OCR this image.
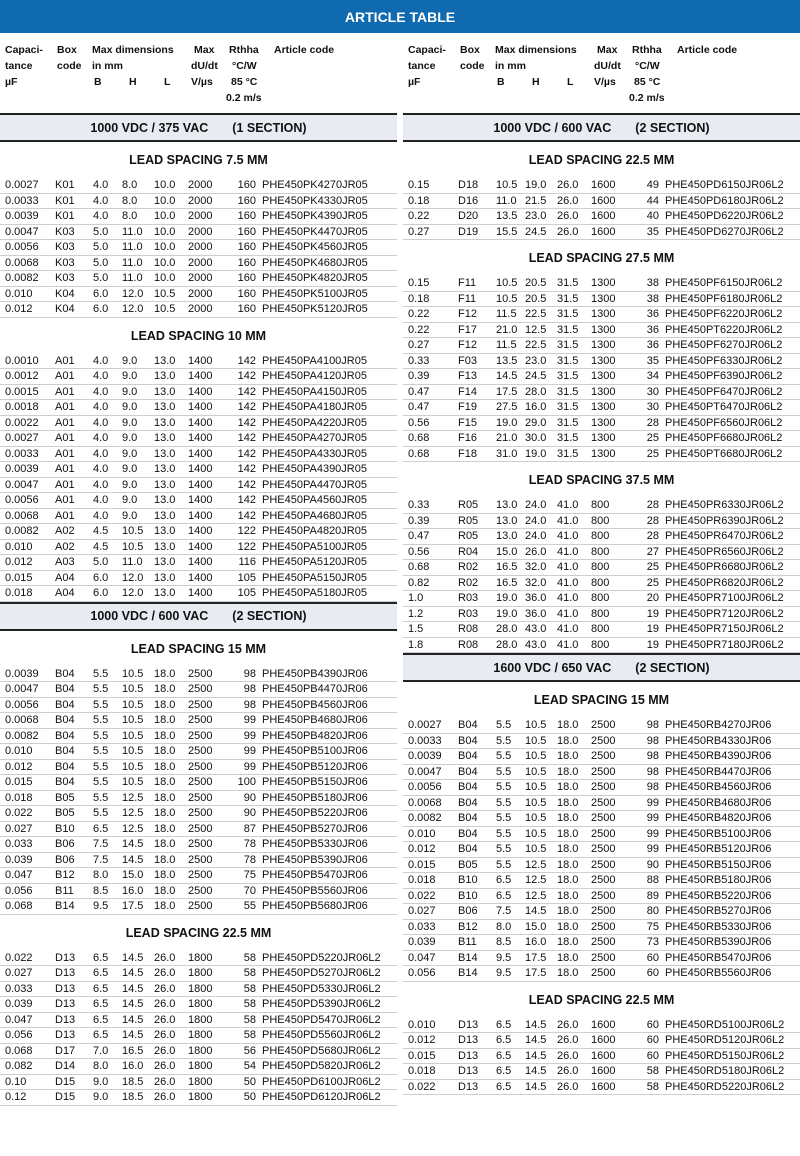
ARTICLE TABLE
Capaci-
tance
µF
Box
code
Max dimensions
in mm
B	H	L
Max
dU/dt
V/µs
Rthha
°C/W
85 °C
0.2 m/s
Article code
1000 VDC / 375 VAC (1 SECTION)
LEAD SPACING 7.5 MM
0.0027 K01 4.0 8.0 10.0 2000	160 PHE450PK4270JR05
0.0033 K01 4.0 8.0 10.0 2000	160 PHE450PK4330JR05
0.0039 K01 4.0 8.0 10.0 2000	160 PHE450PK4390JR05
0.0047 K03 5.0 11.0 10.0 2000	160 PHE450PK4470JR05
0.0056 K03 5.0 11.0 10.0 2000	160 PHE450PK4560JR05
0.0068 K03 5.0 11.0 10.0 2000	160 PHE450PK4680JR05
0.0082 K03 5.0 11.0 10.0 2000	160 PHE450PK4820JR05
0.010 K04 6.0 12.0 10.5 2000	160 PHE450PK5100JR05
0.012 K04 6.0 12.0 10.5 2000	160 PHE450PK5120JR05
LEAD SPACING 10 MM
0.0010 A01 4.0 9.0 13.0 1400	142 PHE450PA4100JR05
0.0012 A01 4.0 9.0 13.0 1400	142 PHE450PA4120JR05
0.0015 A01 4.0 9.0 13.0 1400	142 PHE450PA4150JR05
0.0018 A01 4.0 9.0 13.0 1400	142 PHE450PA4180JR05
0.0022 A01 4.0 9.0 13.0 1400	142 PHE450PA4220JR05
0.0027 A01 4.0 9.0 13.0 1400	142 PHE450PA4270JR05
0.0033 A01 4.0 9.0 13.0 1400	142 PHE450PA4330JR05
0.0039 A01 4.0 9.0 13.0 1400	142 PHE450PA4390JR05
0.0047 A01 4.0 9.0 13.0 1400	142 PHE450PA4470JR05
0.0056 A01 4.0 9.0 13.0 1400	142 PHE450PA4560JR05
0.0068 A01 4.0 9.0 13.0 1400	142 PHE450PA4680JR05
0.0082 A02 4.5 10.5 13.0 1400	122 PHE450PA4820JR05
0.010 A02 4.5 10.5 13.0 1400	122 PHE450PA5100JR05
0.012 A03 5.0 11.0 13.0 1400	116 PHE450PA5120JR05
0.015 A04 6.0 12.0 13.0 1400	105 PHE450PA5150JR05
0.018 A04 6.0 12.0 13.0 1400	105 PHE450PA5180JR05
1000 VDC / 600 VAC (2 SECTION)
LEAD SPACING 15 MM
0.0039 B04 5.5 10.5 18.0 2500	98 PHE450PB4390JR06
0.0047 B04 5.5 10.5 18.0 2500	98 PHE450PB4470JR06
0.0056 B04 5.5 10.5 18.0 2500	98 PHE450PB4560JR06
0.0068 B04 5.5 10.5 18.0 2500	99 PHE450PB4680JR06
0.0082 B04 5.5 10.5 18.0 2500	99 PHE450PB4820JR06
0.010 B04 5.5 10.5 18.0 2500	99 PHE450PB5100JR06
0.012 B04 5.5 10.5 18.0 2500	99 PHE450PB5120JR06
0.015 B04 5.5 10.5 18.0 2500	100 PHE450PB5150JR06
0.018 B05 5.5 12.5 18.0 2500	90 PHE450PB5180JR06
0.022 B05 5.5 12.5 18.0 2500	90 PHE450PB5220JR06
0.027 B10 6.5 12.5 18.0 2500	87 PHE450PB5270JR06
0.033 B06 7.5 14.5 18.0 2500	78 PHE450PB5330JR06
0.039 B06 7.5 14.5 18.0 2500	78 PHE450PB5390JR06
0.047 B12 8.0 15.0 18.0 2500	75 PHE450PB5470JR06
0.056 B11 8.5 16.0 18.0 2500	70 PHE450PB5560JR06
0.068 B14 9.5 17.5 18.0 2500	55 PHE450PB5680JR06
LEAD SPACING 22.5 MM
0.022 D13 6.5 14.5 26.0 1800	58 PHE450PD5220JR06L2
0.027 D13 6.5 14.5 26.0 1800	58 PHE450PD5270JR06L2
0.033 D13 6.5 14.5 26.0 1800	58 PHE450PD5330JR06L2
0.039 D13 6.5 14.5 26.0 1800	58 PHE450PD5390JR06L2
0.047 D13 6.5 14.5 26.0 1800	58 PHE450PD5470JR06L2
0.056 D13 6.5 14.5 26.0 1800	58 PHE450PD5560JR06L2
0.068 D17 7.0 16.5 26.0 1800	56 PHE450PD5680JR06L2
0.082 D14 8.0 16.0 26.0 1800	54 PHE450PD5820JR06L2
0.10	D15 9.0 18.5 26.0 1800	50 PHE450PD6100JR06L2
0.12	D15 9.0 18.5 26.0 1800	50 PHE450PD6120JR06L2
Capaci-
tance
µF
Box
code
Max dimensions
in mm
B	H	L
Max
dU/dt
V/µs
Rthha
°C/W
85 °C
0.2 m/s
Article code
1000 VDC / 600 VAC (2 SECTION)
LEAD SPACING 22.5 MM
0.15	D18 10.5 19.0 26.0 1600	49 PHE450PD6150JR06L2
0.18	D16 11.0 21.5 26.0 1600	44 PHE450PD6180JR06L2
0.22	D20 13.5 23.0 26.0 1600	40 PHE450PD6220JR06L2
0.27	D19 15.5 24.5 26.0 1600	35 PHE450PD6270JR06L2
LEAD SPACING 27.5 MM
0.15	F11 10.5 20.5 31.5 1300	38 PHE450PF6150JR06L2
0.18	F11 10.5 20.5 31.5 1300	38 PHE450PF6180JR06L2
0.22	F12 11.5 22.5 31.5 1300	36 PHE450PF6220JR06L2
0.22	F17 21.0 12.5 31.5 1300	36 PHE450PT6220JR06L2
0.27	F12 11.5 22.5 31.5 1300	36 PHE450PF6270JR06L2
0.33	F03 13.5 23.0 31.5 1300	35 PHE450PF6330JR06L2
0.39	F13 14.5 24.5 31.5 1300	34 PHE450PF6390JR06L2
0.47	F14 17.5 28.0 31.5 1300	30 PHE450PF6470JR06L2
0.47	F19 27.5 16.0 31.5 1300	30 PHE450PT6470JR06L2
0.56	F15 19.0 29.0 31.5 1300	28 PHE450PF6560JR06L2
0.68	F16 21.0 30.0 31.5 1300	25 PHE450PF6680JR06L2
0.68	F18 31.0 19.0 31.5 1300	25 PHE450PT6680JR06L2
LEAD SPACING 37.5 MM
0.33	R05 13.0 24.0 41.0 800	28 PHE450PR6330JR06L2
0.39	R05 13.0 24.0 41.0 800	28 PHE450PR6390JR06L2
0.47	R05 13.0 24.0 41.0 800	28 PHE450PR6470JR06L2
0.56	R04 15.0 26.0 41.0 800	27 PHE450PR6560JR06L2
0.68	R02 16.5 32.0 41.0 800	25 PHE450PR6680JR06L2
0.82	R02 16.5 32.0 41.0 800	25 PHE450PR6820JR06L2
1.0	R03 19.0 36.0 41.0 800	20 PHE450PR7100JR06L2
1.2	R03 19.0 36.0 41.0 800	19 PHE450PR7120JR06L2
1.5	R08 28.0 43.0 41.0 800	19 PHE450PR7150JR06L2
1.8	R08 28.0 43.0 41.0 800	19 PHE450PR7180JR06L2
1600 VDC / 650 VAC (2 SECTION)
LEAD SPACING 15 MM
0.0027 B04 5.5 10.5 18.0 2500	98 PHE450RB4270JR06
0.0033 B04 5.5 10.5 18.0 2500	98 PHE450RB4330JR06
0.0039 B04 5.5 10.5 18.0 2500	98 PHE450RB4390JR06
0.0047 B04 5.5 10.5 18.0 2500	98 PHE450RB4470JR06
0.0056 B04 5.5 10.5 18.0 2500	98 PHE450RB4560JR06
0.0068 B04 5.5 10.5 18.0 2500	99 PHE450RB4680JR06
0.0082 B04 5.5 10.5 18.0 2500	99 PHE450RB4820JR06
0.010 B04 5.5 10.5 18.0 2500	99 PHE450RB5100JR06
0.012 B04 5.5 10.5 18.0 2500	99 PHE450RB5120JR06
0.015 B05 5.5 12.5 18.0 2500	90 PHE450RB5150JR06
0.018 B10 6.5 12.5 18.0 2500	88 PHE450RB5180JR06
0.022 B10 6.5 12.5 18.0 2500	89 PHE450RB5220JR06
0.027 B06 7.5 14.5 18.0 2500	80 PHE450RB5270JR06
0.033 B12 8.0 15.0 18.0 2500	75 PHE450RB5330JR06
0.039 B11 8.5 16.0 18.0 2500	73 PHE450RB5390JR06
0.047 B14 9.5 17.5 18.0 2500	60 PHE450RB5470JR06
0.056 B14 9.5 17.5 18.0 2500	60 PHE450RB5560JR06
LEAD SPACING 22.5 MM
0.010 D13 6.5 14.5 26.0 1600	60 PHE450RD5100JR06L2
0.012 D13 6.5 14.5 26.0 1600	60 PHE450RD5120JR06L2
0.015 D13 6.5 14.5 26.0 1600	60 PHE450RD5150JR06L2
0.018 D13 6.5 14.5 26.0 1600	58 PHE450RD5180JR06L2
0.022 D13 6.5 14.5 26.0 1600	58 PHE450RD5220JR06L2
